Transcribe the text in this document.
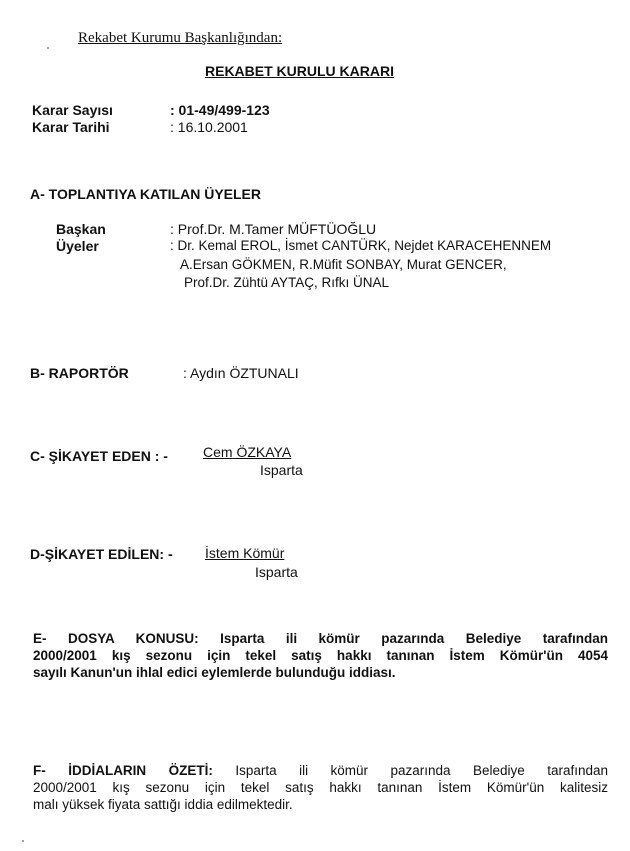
Rekabet Kurumu Başkanlığından:
REKABET KURULU KARARI
Karar Sayısı	: 01-49/499-123
Karar Tarihi	: 16.10.2001
A- TOPLANTIYA KATILAN ÜYELER
Başkan	: Prof.Dr. M.Tamer MÜFTÜOĞLU
Üyeler	: Dr. Kemal EROL, İsmet CANTÜRK, Nejdet KARACEHENNEM
A.Ersan GÖKMEN, R.Müfit SONBAY, Murat GENCER,
Prof.Dr. Zühtü AYTAÇ, Rıfkı ÜNAL
B- RAPORTÖR	: Aydın ÖZTUNALI
C- ŞİKAYET EDEN : -	Cem ÖZKAYA
Isparta
D-ŞİKAYET EDİLEN: - İstem Kömür
Isparta
E- DOSYA KONUSU: Isparta ili kömür pazarında Belediye tarafından
2000/2001 kış sezonu için tekel satış hakkı tanınan İstem Kömür'ün 4054
sayılı Kanun'un ihlal edici eylemlerde bulunduğu iddiası.
F- İDDİALARIN ÖZETİ: Isparta ili kömür pazarında Belediye tarafından
2000/2001 kış sezonu için tekel satış hakkı tanınan İstem Kömür'ün kalitesiz
malı yüksek fiyata sattığı iddia edilmektedir.
